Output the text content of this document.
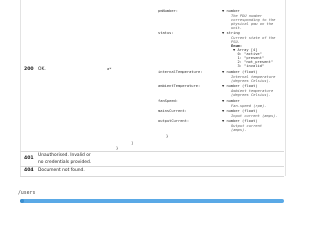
200 OK.	a*
pmNumber:	▼ number
The PDU number
corresponding to the
physical pmu on the
unit.
status:	▼ string
Current state of the
PSU.
Enum:
▼ Array [4]
0: "active"
1: "present"
2: "not_present"
3: "invalid"
internalTemperature:	▼ number (float)
Internal temperature
(degrees Celsius).
ambientTemperature:	▼ number (float)
Ambient temperature
(degrees Celsius).
fanSpeed:	▼ number
Fan-speed (rpm).
mainsCurrent:	▼ number (float)
Input current (amps).
outputCurrent:	▼ number (float)
Output current
(amps).
}
]
}
401
Unauthorised. Invalid or no credentials provided.
404 Document not found.
/users
